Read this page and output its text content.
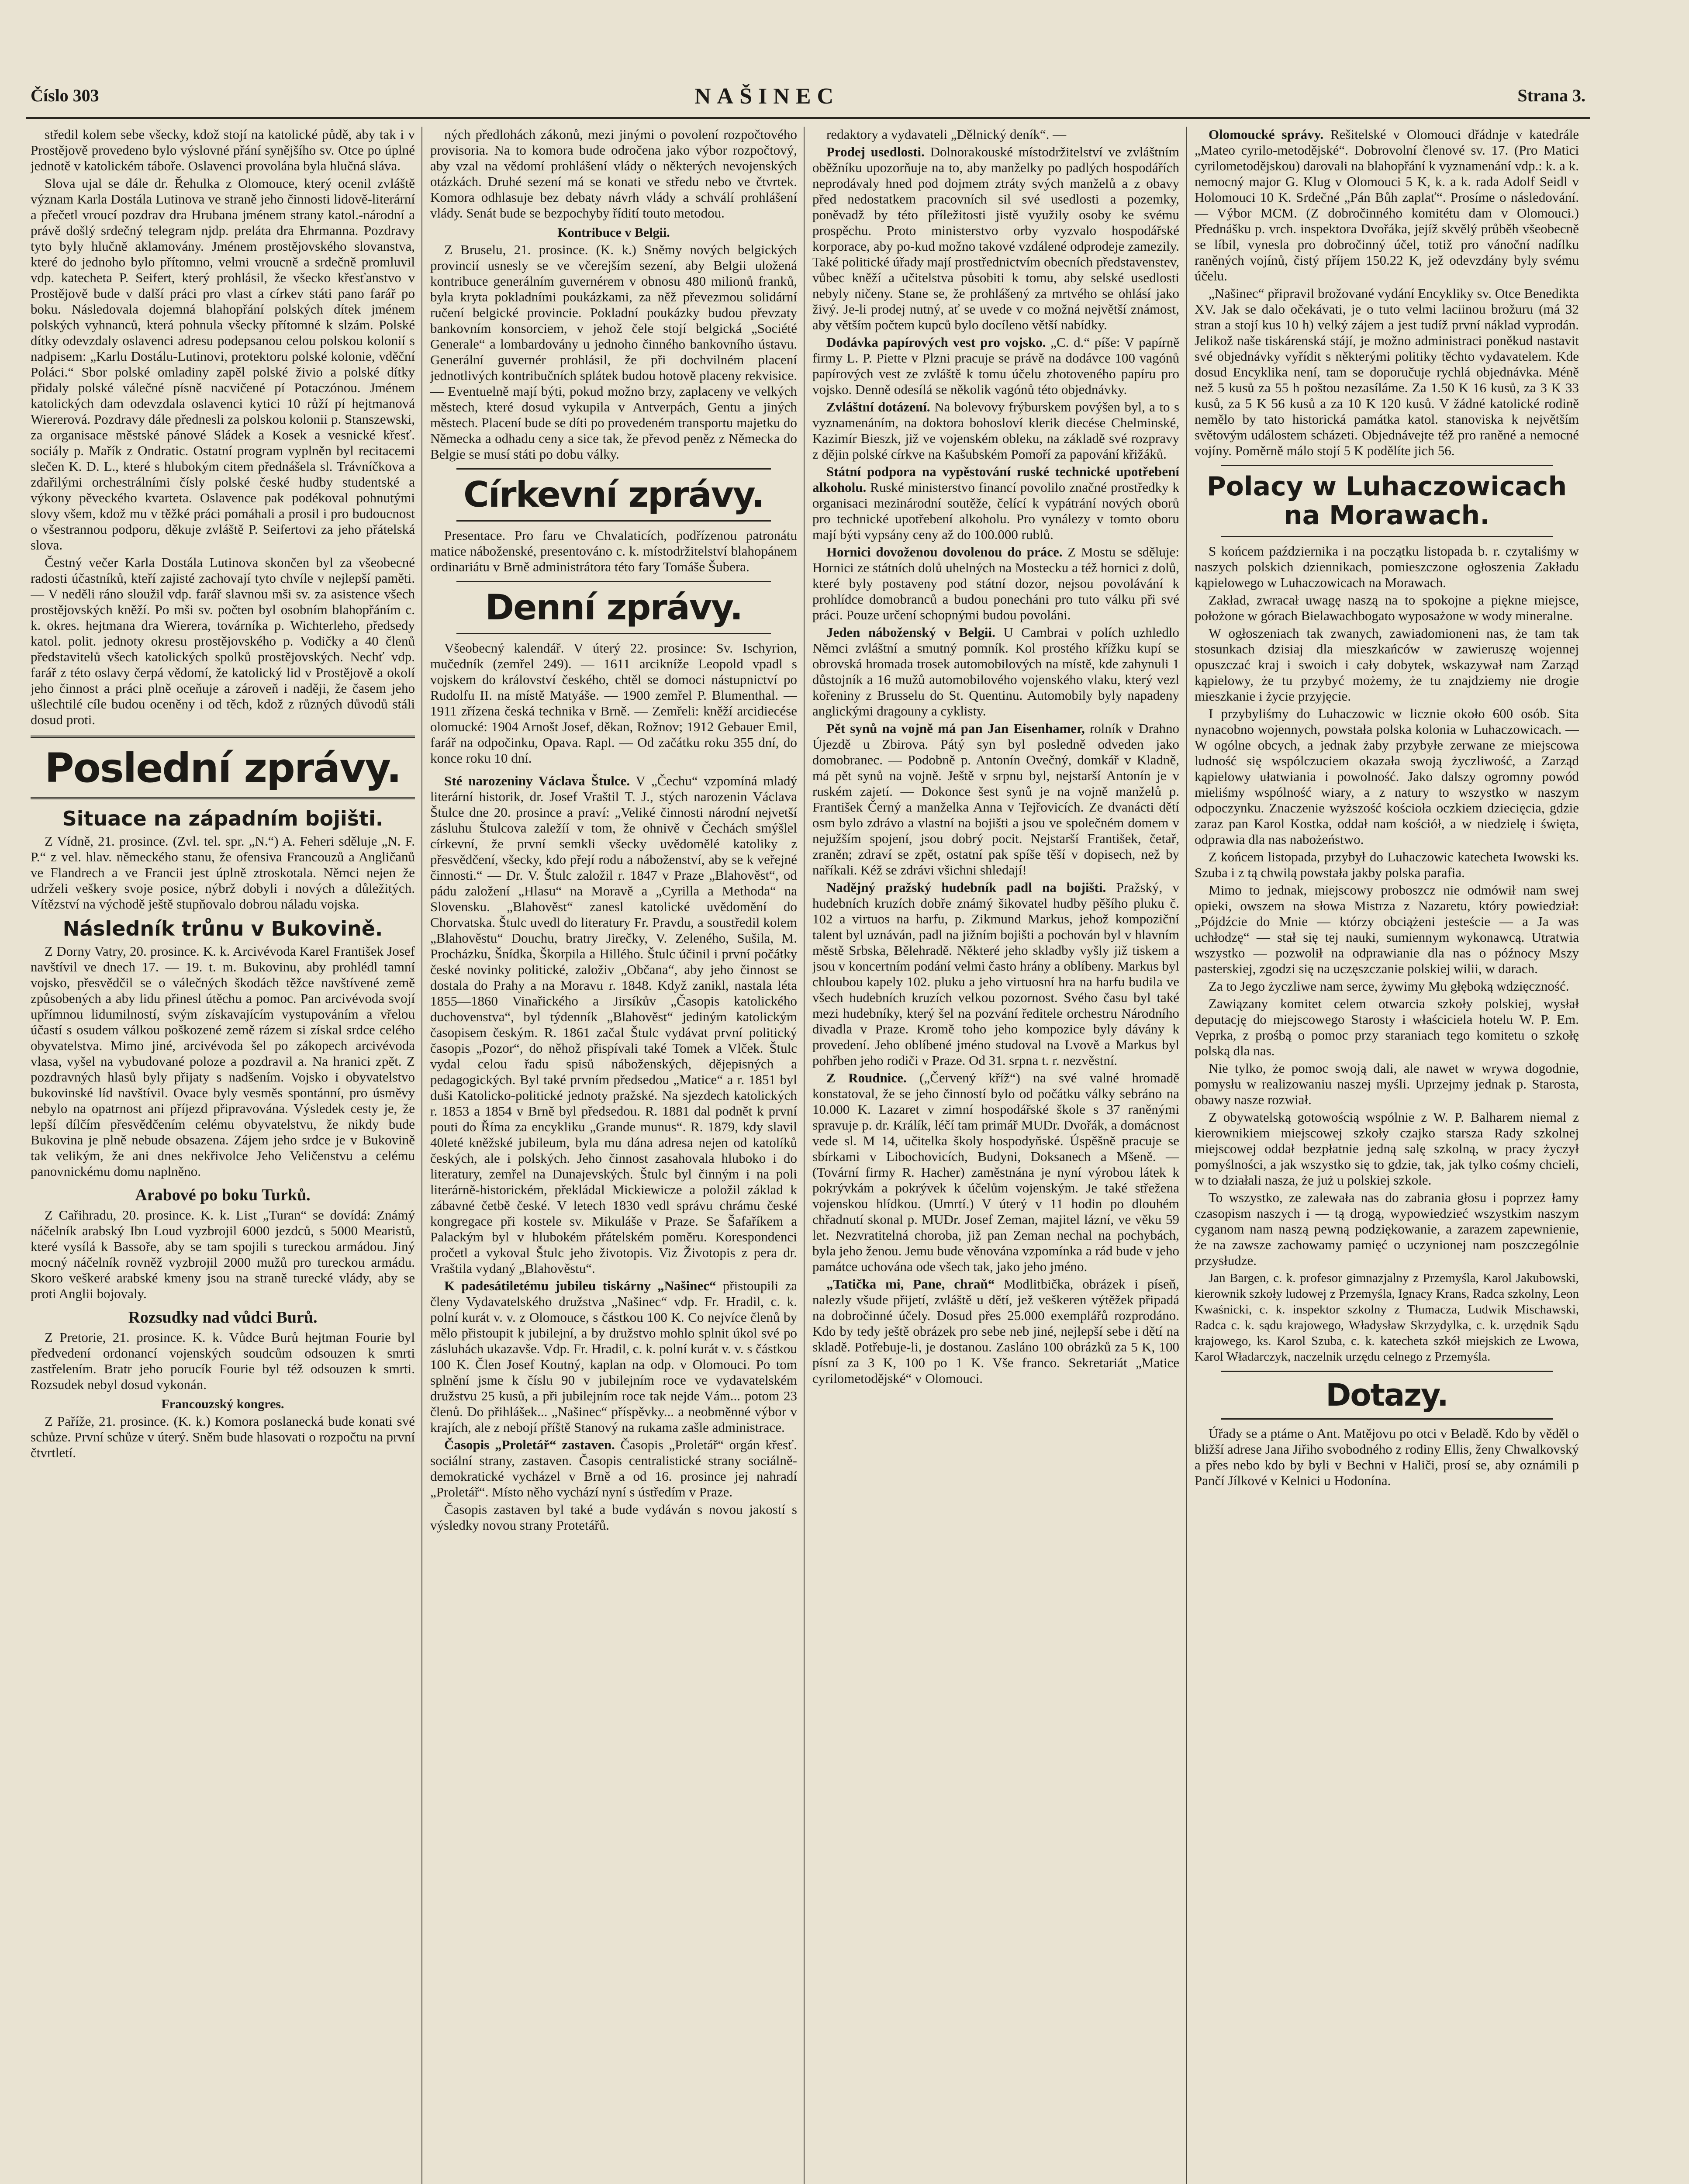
Číslo 303	NAŠINEC	Strana 3.

středil kolem sebe všecky, kdož stojí na katolické půdě, aby tak i v Prostějově provedeno bylo výslovné přání synějšího sv. Otce po úplné jednotě v katolickém táboře. Oslavenci provolána byla hlučná sláva.

Slova ujal se dále dr. Řehulka z Olomouce, který ocenil zvláště význam Karla Dostála Lutinova ve straně jeho činnosti lidově-literární a přečetl vroucí pozdrav dra Hrubana jménem strany katol.-národní a právě došlý srdečný telegram njdp. preláta dra Ehrmanna. Pozdravy tyto byly hlučně aklamovány. Jménem prostějovského slovanstva, které do jednoho bylo přítomno, velmi vroucně a srdečně promluvil vdp. katecheta P. Seifert, který prohlásil, že všecko křesťanstvo v Prostějově bude v další práci pro vlast a církev státi pano farář po boku. Následovala dojemná blahopřání polských dítek jménem polských vyhnanců, která pohnula všecky přítomné k slzám. Polské dítky odevzdaly oslavenci adresu podepsanou celou polskou kolonií s nadpisem: „Karlu Dostálu-Lutinovi, protektoru polské kolonie, vděční Poláci.“ Sbor polské omladiny zapěl polské živio a polské dítky přidaly polské válečné písně nacvičené pí Potaczónou. Jménem katolických dam odevzdala oslavenci kytici 10 růží pí hejtmanová Wiererová. Pozdravy dále přednesli za polskou kolonii p. Stanszewski, za organisace městské pánové Sládek a Kosek a vesnické křesť. sociály p. Mařík z Ondratic. Ostatní program vyplněn byl recitacemi slečen K. D. L., které s hlubokým citem přednášela sl. Trávníčkova a zdařilými orchestrálními čísly polské české hudby studentské a výkony pěveckého kvarteta. Oslavence pak podékoval pohnutými slovy všem, kdož mu v těžké práci pomáhali a prosil i pro budoucnost o všestrannou podporu, děkuje zvláště P. Seifertovi za jeho přátelská slova.

Čestný večer Karla Dostála Lutinova skončen byl za všeobecné radosti účastníků, kteří zajisté zachovají tyto chvíle v nejlepší paměti. — V neděli ráno sloužil vdp. farář slavnou mši sv. za asistence všech prostějovských kněží. Po mši sv. počten byl osobním blahopřáním c. k. okres. hejtmana dra Wierera, továrníka p. Wichterleho, předsedy katol. polit. jednoty okresu prostějovského p. Vodičky a 40 členů představitelů všech katolických spolků prostějovských. Nechť vdp. farář z této oslavy čerpá vědomí, že katolický lid v Prostějově a okolí jeho činnost a práci plně oceňuje a zároveň i naději, že časem jeho ušlechtilé cíle budou oceněny i od těch, kdož z různých důvodů stáli dosud proti.

Poslední zprávy.
Situace na západním bojišti.

Z Vídně, 21. prosince. (Zvl. tel. spr. „N.“) A. Feheri sděluje „N. F. P.“ z vel. hlav. německého stanu, že ofensiva Francouzů a Angličanů ve Flandrech a ve Francii jest úplně ztroskotala. Němci nejen že udrželi veškery svoje posice, nýbrž dobyli i nových a důležitých. Vítězství na východě ještě stupňovalo dobrou náladu vojska.

Následník trůnu v Bukovině.

Z Dorny Vatry, 20. prosince. K. k. Arcivévoda Karel František Josef navštívil ve dnech 17. — 19. t. m. Bukovinu, aby prohlédl tamní vojsko, přesvědčil se o válečných škodách těžce navštívené země způsobených a aby lidu přinesl útěchu a pomoc. Pan arcivévoda svojí upřímnou lidumilností, svým získavajícím vystupováním a vřelou účastí s osudem válkou poškozené země rázem si získal srdce celého obyvatelstva. Mimo jiné, arcivévoda šel po zákopech arcivévoda vlasa, vyšel na vybudované poloze a pozdravil a. Na hranici zpět. Z pozdravných hlasů byly přijaty s nadšením. Vojsko i obyvatelstvo bukovinské líd navštívil. Ovace byly vesměs spontánní, pro úsměvy nebylo na opatrnost ani příjezd připravována. Výsledek cesty je, že lepší dílčím přesvědčením celému obyvatelstvu, že nikdy bude Bukovina je plně nebude obsazena. Zájem jeho srdce je v Bukovině tak velikým, že ani dnes nekřivolce Jeho Veličenstvu a celému panovnickému domu naplněno.

Arabové po boku Turků.

Z Cařihradu, 20. prosince. K. k. List „Turan“ se dovídá: Známý náčelník arabský Ibn Loud vyzbrojil 6000 jezdců, s 5000 Mearistů, které vysílá k Bassoře, aby se tam spojili s tureckou armádou. Jiný mocný náčelník rovněž vyzbrojil 2000 mužů pro tureckou armádu. Skoro veškeré arabské kmeny jsou na straně turecké vlády, aby se proti Anglii bojovaly.

Rozsudky nad vůdci Burů.

Z Pretorie, 21. prosince. K. k. Vůdce Burů hejtman Fourie byl předvedení ordonancí vojenských soudcům odsouzen k smrti zastřelením. Bratr jeho porucík Fourie byl též odsouzen k smrti. Rozsudek nebyl dosud vykonán.

Francouzský kongres.

Z Paříže, 21. prosince. (K. k.) Komora poslanecká bude konati své schůze. První schůze v úterý. Sněm bude hlasovati o rozpočtu na první čtvrtletí.

ných předlohách zákonů, mezi jinými o povolení rozpočtového provisoria. Na to komora bude odročena jako výbor rozpočtový, aby vzal na vědomí prohlášení vlády o některých nevojenských otázkách. Druhé sezení má se konati ve středu nebo ve čtvrtek. Komora odhlasuje bez debaty návrh vlády a schválí prohlášení vlády. Senát bude se bezpochyby řídití touto metodou.

Kontribuce v Belgii.

Z Bruselu, 21. prosince. (K. k.) Sněmy nových belgických provincií usnesly se ve včerejším sezení, aby Belgii uložená kontribuce generálním guvernérem v obnosu 480 milionů franků, byla kryta pokladními poukázkami, za něž převezmou solidární ručení belgické provincie. Pokladní poukázky budou převzaty bankovním konsorciem, v jehož čele stojí belgická „Société Generale“ a lombardovány u jednoho činného bankovního ústavu. Generální guvernér prohlásil, že při dochvilném placení jednotlivých kontribučních splátek budou hotově placeny rekvisice. — Eventuelně mají býti, pokud možno brzy, zaplaceny ve velkých městech, které dosud vykupila v Antverpách, Gentu a jiných městech. Placení bude se díti po provedeném transportu majetku do Německa a odhadu ceny a sice tak, že převod peněz z Německa do Belgie se musí státi po dobu války.

Církevní zprávy.

Presentace. Pro faru ve Chvalaticích, podřízenou patronátu matice náboženské, presentováno c. k. místodržitelství blahopánem ordinariátu v Brně administrátora této fary Tomáše Šubera.

Denní zprávy.

Všeobecný kalendář. V úterý 22. prosince: Sv. Ischyrion, mučedník (zemřel 249). — 1611 arcikníže Leopold vpadl s vojskem do království českého, chtěl se domoci nástupnictví po Rudolfu II. na místě Matyáše. — 1900 zemřel P. Blumenthal. — 1911 zřízena česká technika v Brně. — Zemřeli: kněží arcidiecése olomucké: 1904 Arnošt Josef, děkan, Rožnov; 1912 Gebauer Emil, farář na odpočinku, Opava. Rapl. — Od začátku roku 355 dní, do konce roku 10 dní.

Sté narozeniny Václava Štulce. V „Čechu“ vzpomíná mladý literární historik, dr. Josef Vraštil T. J., stých narozenin Václava Štulce dne 20. prosince a praví: „Veliké činnosti národní nejvetší zásluhu Štulcova zaležíí v tom, že ohnivě v Čechách smýšlel církevní, že první semkli všecky uvědomělé katoliky z přesvědčení, všecky, kdo přejí rodu a náboženství, aby se k veřejné činnosti.“ — Dr. V. Štulc založil r. 1847 v Praze „Blahověst“, od pádu založení „Hlasu“ na Moravě a „Cyrilla a Methoda“ na Slovensku. „Blahověst“ zanesl katolické uvědomění do Chorvatska. Štulc uvedl do literatury Fr. Pravdu, a soustředil kolem „Blahověstu“ Douchu, bratry Jirečky, V. Zeleného, Sušila, M. Procházku, Šnídka, Škorpila a Hillého. Štulc účinil i první počátky české novinky politické, založiv „Občana“, aby jeho činnost se dostala do Prahy a na Moravu r. 1848. Když zanikl, nastala léta 1855—1860 Vinařického a Jirsíkův „Časopis katolického duchovenstva“, byl týdenník „Blahověst“ jediným katolickým časopisem českým. R. 1861 začal Štulc vydávat první politický časopis „Pozor“, do něhož přispívali také Tomek a Vlček. Štulc vydal celou řadu spisů náboženských, dějepisných a pedagogických. Byl také prvním předsedou „Matice“ a r. 1851 byl duši Katolicko-politické jednoty pražské. Na sjezdech katolických r. 1853 a 1854 v Brně byl předsedou. R. 1881 dal podnět k první pouti do Říma za encykliku „Grande munus“. R. 1879, kdy slavil 40leté kněžské jubileum, byla mu dána adresa nejen od katolíků českých, ale i polských. Jeho činnost zasahovala hluboko i do literatury, zemřel na Dunajevských. Štulc byl činným i na poli literárně-historickém, překládal Mickiewicze a položil základ k zábavné četbě české. V letech 1830 vedl správu chrámu české kongregace při kostele sv. Mikuláše v Praze. Se Šafaříkem a Palackým byl v hlubokém přátelském poměru. Korespondenci pročetl a vykoval Štulc jeho životopis. Viz Životopis z pera dr. Vraštila vydaný „Blahověstu“.

K padesátiletému jubileu tiskárny „Našinec“ přistoupili za členy Vydavatelského družstva „Našinec“ vdp. Fr. Hradil, c. k. polní kurát v. v. z Olomouce, s částkou 100 K. Co nejvíce členů by mělo přistoupit k jubilejní, a by družstvo mohlo splnit úkol své po zásluhách ukazavše. Vdp. Fr. Hradil, c. k. polní kurát v. v. s částkou 100 K. Člen Josef Koutný, kaplan na odp. v Olomouci. Po tom splnění jsme k číslu 90 v jubilejním roce ve vydavatelském družstvu 25 kusů, a při jubilejním roce tak nejde Vám... potom 23 členů. Do přihlášek... „Našinec“ příspěvky... a neobměnné výbor v krajích, ale z nebojí příště Stanový na rukama zašle administrace.

Časopis „Proletář“ zastaven. Časopis „Proletář“ orgán křesť. sociální strany, zastaven. Časopis centralistické strany sociálně-demokratické vycházel v Brně a od 16. prosince jej nahradí „Proletář“. Místo něho vychází nyní s ústředím v Praze.

Časopis zastaven byl také a bude vydáván s novou jakostí s výsledky novou strany Protetářů.

redaktory a vydavateli „Dělnický deník“. —

Prodej usedlosti. Dolnorakouské místodržitelství ve zvláštním oběžníku upozorňuje na to, aby manželky po padlých hospodářích neprodávaly hned pod dojmem ztráty svých manželů a z obavy před nedostatkem pracovních sil své usedlosti a pozemky, poněvadž by této příležitosti jistě využily osoby ke svému prospěchu. Proto ministerstvo orby vyzvalo hospodářské korporace, aby po-kud možno takové vzdálené odprodeje zamezily. Také politické úřady mají prostřednictvím obecních představenstev, vůbec kněží a učitelstva působiti k tomu, aby selské usedlosti nebyly ničeny. Stane se, že prohlášený za mrtvého se ohlásí jako živý. Je-li prodej nutný, ať se uvede v co možná největší známost, aby větším počtem kupců bylo docíleno větší nabídky.

Dodávka papírových vest pro vojsko. „C. d.“ píše: V papírně firmy L. P. Piette v Plzni pracuje se právě na dodávce 100 vagónů papírových vest ze zvláště k tomu účelu zhotoveného papíru pro vojsko. Denně odesílá se několik vagónů této objednávky.

Zvláštní dotázení. Na bolevovy frýburskem povýšen byl, a to s vyznamenáním, na doktora bohosloví klerik diecése Chelminské, Kazimír Bieszk, již ve vojenském obleku, na základě své rozpravy z dějin polské církve na Kašubském Pomoří za papování křižáků.

Státní podpora na vypěstování ruské technické upotřebení alkoholu. Ruské ministerstvo financí povolilo značné prostředky k organisaci mezinárodní soutěže, čelící k vypátrání nových oborů pro technické upotřebení alkoholu. Pro vynálezy v tomto oboru mají býti vypsány ceny až do 100.000 rublů.

Hornici dovoženou dovolenou do práce. Z Mostu se sděluje: Hornici ze státních dolů uhelných na Mostecku a též hornici z dolů, které byly postaveny pod státní dozor, nejsou povolávání k prohlídce domobranců a budou ponecháni pro tuto válku při své práci. Pouze určení schopnými budou povoláni.

Jeden náboženský v Belgii. U Cambrai v polích uzhledlo Němci zvláštní a smutný pomník. Kol prostého křížku kupí se obrovská hromada trosek automobilových na místě, kde zahynuli 1 důstojník a 16 mužů automobilového vojenského vlaku, který vezl kořeniny z Brusselu do St. Quentinu. Automobily byly napadeny anglickými dragouny a cyklisty.

Pět synů na vojně má pan Jan Eisenhamer, rolník v Drahno Újezdě u Zbirova. Pátý syn byl posledně odveden jako domobranec. — Podobně p. Antonín Ovečný, domkář v Kladně, má pět synů na vojně. Ještě v srpnu byl, nejstarší Antonín je v ruském zajetí. — Dokonce šest synů je na vojně manželů p. František Černý a manželka Anna v Tejřovicích. Ze dvanácti dětí osm bylo zdrávo a vlastní na bojišti a jsou ve společném domem v nejužším spojení, jsou dobrý pocit. Nejstarší František, četař, zraněn; zdraví se zpět, ostatní pak spíše těší v dopisech, než by naříkali. Kéž se zdrávi všichni shledají!

Nadějný pražský hudebník padl na bojišti. Pražský, v hudebních kruzích dobře známý šikovatel hudby pěšího pluku č. 102 a virtuos na harfu, p. Zikmund Markus, jehož kompoziční talent byl uznáván, padl na jižním bojišti a pochován byl v hlavním městě Srbska, Bělehradě. Některé jeho skladby vyšly již tiskem a jsou v koncertním podání velmi často hrány a oblíbeny. Markus byl chloubou kapely 102. pluku a jeho virtuosní hra na harfu budila ve všech hudebních kruzích velkou pozornost. Svého času byl také mezi hudebníky, který šel na pozvání ředitele orchestru Národního divadla v Praze. Kromě toho jeho kompozice byly dávány k provedení. Jeho oblíbené jméno studoval na Lvově a Markus byl pohřben jeho rodiči v Praze. Od 31. srpna t. r. nezvěstní.

Z Roudnice. („Červený kříž“) na své valné hromadě konstatoval, že se jeho činností bylo od počátku války sebráno na 10.000 K. Lazaret v zimní hospodářské škole s 37 raněnými spravuje p. dr. Králík, léčí tam primář MUDr. Dvořák, a domácnost vede sl. M 14, učitelka školy hospodyňské. Úspěšně pracuje se sbírkami v Libochovicích, Budyni, Doksanech a Mšeně. — (Tovární firmy R. Hacher) zaměstnána je nyní výrobou látek k pokrývkám a pokrývek k účelům vojenským. Je také střežena vojenskou hlídkou. (Umrtí.) V úterý v 11 hodin po dlouhém chřadnutí skonal p. MUDr. Josef Zeman, majitel lázní, ve věku 59 let. Nezvratitelná choroba, již pan Zeman nechal na pochybách, byla jeho ženou. Jemu bude věnována vzpomínka a rád bude v jeho památce uchována ode všech tak, jako jeho jméno.

„Tatička mi, Pane, chraň“ Modlitbička, obrázek i píseň, nalezly všude přijetí, zvláště u dětí, jež veškeren výtěžek připadá na dobročinné účely. Dosud přes 25.000 exemplářů rozprodáno. Kdo by tedy ještě obrázek pro sebe neb jiné, nejlepší sebe i dětí na skladě. Potřebuje-li, je dostanou. Zasláno 100 obrázků za 5 K, 100 písní za 3 K, 100 po 1 K. Vše franco. Sekretariát „Matice cyrilometodějské“ v Olomouci.

Olomoucké správy. Rešitelské v Olomouci dřádnje v katedrále „Mateo cyrilo-metodějské“. Dobrovolní členové sv. 17. (Pro Matici cyrilometodějskou) darovali na blahopřání k vyznamenání vdp.: k. a k. nemocný major G. Klug v Olomouci 5 K, k. a k. rada Adolf Seidl v Holomouci 10 K. Srdečné „Pán Bůh zaplať“. Prosíme o následování. — Výbor MCM. (Z dobročinného komitétu dam v Olomouci.) Přednášku p. vrch. inspektora Dvořáka, jejíž skvělý průběh všeobecně se líbil, vynesla pro dobročinný účel, totiž pro vánoční nadílku raněných vojínů, čistý příjem 150.22 K, jež odevzdány byly svému účelu.

„Našinec“ připravil brožované vydání Encykliky sv. Otce Benedikta XV. Jak se dalo očekávati, je o tuto velmi laciinou brožuru (má 32 stran a stojí kus 10 h) velký zájem a jest tudíž první náklad vyprodán. Jelikož naše tiskárenská stájí, je možno administraci poněkud nastavit své objednávky vyřídit s některými politiky těchto vydavatelem. Kde dosud Encyklika není, tam se doporučuje rychlá objednávka. Méně než 5 kusů za 55 h poštou nezasíláme. Za 1.50 K 16 kusů, za 3 K 33 kusů, za 5 K 56 kusů a za 10 K 120 kusů. V žádné katolické rodině nemělo by tato historická památka katol. stanoviska k největším světovým událostem scházeti. Objednávejte též pro raněné a nemocné vojíny. Poměrně málo stojí 5 K podělíte jich 56.

Polacy w Luhaczowicach na Morawach.

S końcem października i na początku listopada b. r. czytaliśmy w naszych polskich dziennikach, pomieszczone ogłoszenia Zakładu kąpielowego w Luhaczowicach na Morawach.

Zakład, zwracał uwagę naszą na to spokojne a piękne miejsce, położone w górach Bielawachbogato wyposażone w wody mineralne.

W ogłoszeniach tak zwanych, zawiadomioneni nas, że tam tak stosunkach dzisiaj dla mieszkańców w zawieruszę wojennej opuszczać kraj i swoich i cały dobytek, wskazywał nam Zarząd kąpielowy, że tu przybyć możemy, że tu znajdziemy nie drogie mieszkanie i życie przyjęcie.

I przybyliśmy do Luhaczowic w licznie około 600 osób. Sita nynacobno wojennych, powstała polska kolonia w Luhaczowicach. — W ogólne obcych, a jednak żaby przybyłe zerwane ze miejscowa ludność się wspólczuciem okazała swoją życzliwość, a Zarząd kąpielowy ułatwiania i powolność. Jako dalszy ogromny powód mieliśmy wspólność wiary, a z natury to wszystko w naszym odpoczynku. Znaczenie wyższość kościoła oczkiem dziecięcia, gdzie zaraz pan Karol Kostka, oddał nam kościół, a w niedzielę i święta, odprawia dla nas nabożeństwo.

Z końcem listopada, przybył do Luhaczowic katecheta Iwowski ks. Szuba i z tą chwilą powstała jakby polska parafia.

Mimo to jednak, miejscowy proboszcz nie odmówił nam swej opieki, owszem na słowa Mistrza z Nazaretu, który powiedział: „Pójdźcie do Mnie — którzy obciążeni jesteście — a Ja was uchłodzę“ — stał się tej nauki, sumiennym wykonawcą. Utratwia wszystko — pozwolił na odprawianie dla nas o późnocy Mszy pasterskiej, zgodzi się na uczęszczanie polskiej wilii, w darach.

Za to Jego życzliwe nam serce, żywimy Mu głęboką wdzięczność.

Zawiązany komitet celem otwarcia szkoły polskiej, wysłał deputację do miejscowego Starosty i właściciela hotelu W. P. Em. Veprka, z prośbą o pomoc przy staraniach tego komitetu o szkołę polską dla nas.

Nie tylko, że pomoc swoją dali, ale nawet w wrywa dogodnie, pomysłu w realizowaniu naszej myśli. Uprzejmy jednak p. Starosta, obawy nasze rozwiał.

Z obywatelską gotowością wspólnie z W. P. Balharem niemal z kierownikiem miejscowej szkoły czajko starsza Rady szkolnej miejscowej oddał bezpłatnie jedną salę szkolną, w pracy życzył pomyślności, a jak wszystko się to gdzie, tak, jak tylko cośmy chcieli, w to działali nasza, że już u polskiej szkole.

To wszystko, ze zalewała nas do zabrania głosu i poprzez łamy czasopism naszych i — tą drogą, wypowiedzieć wszystkim naszym cyganom nam naszą pewną podziękowanie, a zarazem zapewnienie, że na zawsze zachowamy pamięć o uczynionej nam poszczególnie przysłudze.

Jan Bargen, c. k. profesor gimnazjalny z Przemyśla, Karol Jakubowski, kierownik szkoły ludowej z Przemyśla, Ignacy Krans, Radca szkolny, Leon Kwaśnicki, c. k. inspektor szkolny z Tłumacza, Ludwik Mischawski, Radca c. k. sądu krajowego, Władysław Skrzydylka, c. k. urzędnik Sądu krajowego, ks. Karol Szuba, c. k. katecheta szkół miejskich ze Lwowa, Karol Władarczyk, naczelnik urzędu celnego z Przemyśla.

Dotazy.

Úřady se a ptáme o Ant. Matějovu po otci v Beladě. Kdo by věděl o bližší adrese Jana Jiřiho svobodného z rodiny Ellis, ženy Chwalkovský a přes nebo kdo by byli v Bechni v Haliči, prosí se, aby oznámili p Pančí Jílkové v Kelnici u Hodonína.
